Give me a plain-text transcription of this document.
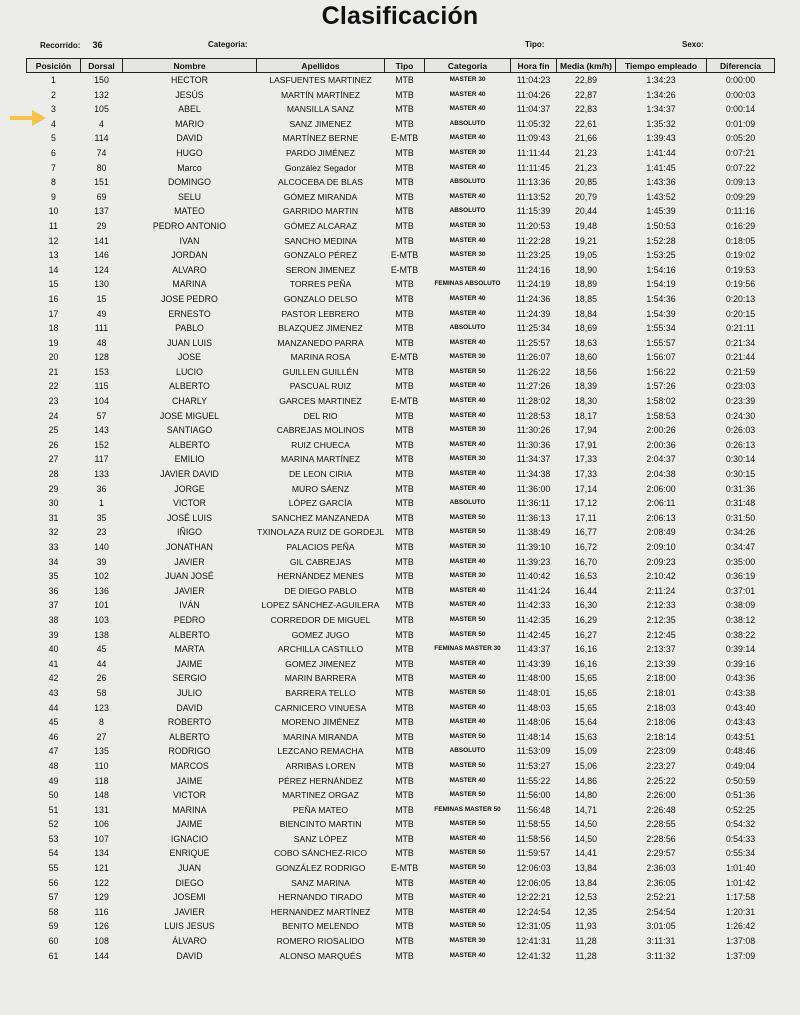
Clasificación
Recorrido: 36	Categoria:	Tipo:	Sexo:
Posición	Dorsal	Nombre	Apellidos	Tipo	Categoria	Hora fin	Media (km/h)	Tiempo empleado	Diferencia
1	150	HECTOR	LASFUENTES MARTINEZ	MTB	MASTER 30	11:04:23	22,89	1:34:23	0:00:00
2	132	JESÚS	MARTÍN MARTÍNEZ	MTB	MASTER 40	11:04:26	22,87	1:34:26	0:00:03
3	105	ABEL	MANSILLA SANZ	MTB	MASTER 40	11:04:37	22,83	1:34:37	0:00:14
4	4	MARIO	SANZ JIMENEZ	MTB	ABSOLUTO	11:05:32	22,61	1:35:32	0:01:09
5	114	DAVID	MARTÍNEZ BERNE	E-MTB	MASTER 40	11:09:43	21,66	1:39:43	0:05:20
6	74	HUGO	PARDO JIMÉNEZ	MTB	MASTER 30	11:11:44	21,23	1:41:44	0:07:21
7	80	Marco	González Segador	MTB	MASTER 40	11:11:45	21,23	1:41:45	0:07:22
8	151	DOMINGO	ALCOCEBA DE BLAS	MTB	ABSOLUTO	11:13:36	20,85	1:43:36	0:09:13
9	69	SELU	GÓMEZ MIRANDA	MTB	MASTER 40	11:13:52	20,79	1:43:52	0:09:29
10	137	MATEO	GARRIDO MARTIN	MTB	ABSOLUTO	11:15:39	20,44	1:45:39	0:11:16
11	29	PEDRO ANTONIO	GÓMEZ ALCARAZ	MTB	MASTER 30	11:20:53	19,48	1:50:53	0:16:29
12	141	IVAN	SANCHO MEDINA	MTB	MASTER 40	11:22:28	19,21	1:52:28	0:18:05
13	146	JORDAN	GONZALO PÉREZ	E-MTB	MASTER 30	11:23:25	19,05	1:53:25	0:19:02
14	124	ALVARO	SERON JIMENEZ	E-MTB	MASTER 40	11:24:16	18,90	1:54:16	0:19:53
15	130	MARINA	TORRES PEÑA	MTB	FEMINAS ABSOLUTO	11:24:19	18,89	1:54:19	0:19:56
16	15	JOSE PEDRO	GONZALO DELSO	MTB	MASTER 40	11:24:36	18,85	1:54:36	0:20:13
17	49	ERNESTO	PASTOR LEBRERO	MTB	MASTER 40	11:24:39	18,84	1:54:39	0:20:15
18	111	PABLO	BLAZQUEZ JIMENEZ	MTB	ABSOLUTO	11:25:34	18,69	1:55:34	0:21:11
19	48	JUAN LUIS	MANZANEDO PARRA	MTB	MASTER 40	11:25:57	18,63	1:55:57	0:21:34
20	128	JOSE	MARINA ROSA	E-MTB	MASTER 30	11:26:07	18,60	1:56:07	0:21:44
21	153	LUCIO	GUILLEN GUILLÉN	MTB	MASTER 50	11:26:22	18,56	1:56:22	0:21:59
22	115	ALBERTO	PASCUAL RUIZ	MTB	MASTER 40	11:27:26	18,39	1:57:26	0:23:03
23	104	CHARLY	GARCES MARTINEZ	E-MTB	MASTER 40	11:28:02	18,30	1:58:02	0:23:39
24	57	JOSE MIGUEL	DEL RIO	MTB	MASTER 40	11:28:53	18,17	1:58:53	0:24:30
25	143	SANTIAGO	CABREJAS MOLINOS	MTB	MASTER 30	11:30:26	17,94	2:00:26	0:26:03
26	152	ALBERTO	RUIZ CHUECA	MTB	MASTER 40	11:30:36	17,91	2:00:36	0:26:13
27	117	EMILIO	MARINA MARTÍNEZ	MTB	MASTER 30	11:34:37	17,33	2:04:37	0:30:14
28	133	JAVIER DAVID	DE LEON CIRIA	MTB	MASTER 40	11:34:38	17,33	2:04:38	0:30:15
29	36	JORGE	MURO SÁENZ	MTB	MASTER 40	11:36:00	17,14	2:06:00	0:31:36
30	1	VICTOR	LÓPEZ GARCÍA	MTB	ABSOLUTO	11:36:11	17,12	2:06:11	0:31:48
31	35	JOSÉ LUIS	SANCHEZ MANZANEDA	MTB	MASTER 50	11:36:13	17,11	2:06:13	0:31:50
32	23	IÑIGO	TXINOLAZA RUIZ DE GORDEJL	MTB	MASTER 50	11:38:49	16,77	2:08:49	0:34:26
33	140	JONATHAN	PALACIOS PEÑA	MTB	MASTER 30	11:39:10	16,72	2:09:10	0:34:47
34	39	JAVIER	GIL CABREJAS	MTB	MASTER 40	11:39:23	16,70	2:09:23	0:35:00
35	102	JUAN JOSÉ	HERNÁNDEZ MENES	MTB	MASTER 30	11:40:42	16,53	2:10:42	0:36:19
36	136	JAVIER	DE DIEGO PABLO	MTB	MASTER 40	11:41:24	16,44	2:11:24	0:37:01
37	101	IVÁN	LOPEZ SÁNCHEZ-AGUILERA	MTB	MASTER 40	11:42:33	16,30	2:12:33	0:38:09
38	103	PEDRO	CORREDOR DE MIGUEL	MTB	MASTER 50	11:42:35	16,29	2:12:35	0:38:12
39	138	ALBERTO	GOMEZ JUGO	MTB	MASTER 50	11:42:45	16,27	2:12:45	0:38:22
40	45	MARTA	ARCHILLA CASTILLO	MTB	FEMINAS MASTER 30	11:43:37	16,16	2:13:37	0:39:14
41	44	JAIME	GOMEZ JIMENEZ	MTB	MASTER 40	11:43:39	16,16	2:13:39	0:39:16
42	26	SERGIO	MARIN BARRERA	MTB	MASTER 40	11:48:00	15,65	2:18:00	0:43:36
43	58	JULIO	BARRERA TELLO	MTB	MASTER 50	11:48:01	15,65	2:18:01	0:43:38
44	123	DAVID	CARNICERO VINUESA	MTB	MASTER 40	11:48:03	15,65	2:18:03	0:43:40
45	8	ROBERTO	MORENO JIMÉNEZ	MTB	MASTER 40	11:48:06	15,64	2:18:06	0:43:43
46	27	ALBERTO	MARINA MIRANDA	MTB	MASTER 50	11:48:14	15,63	2:18:14	0:43:51
47	135	RODRIGO	LEZCANO REMACHA	MTB	ABSOLUTO	11:53:09	15,09	2:23:09	0:48:46
48	110	MARCOS	ARRIBAS LOREN	MTB	MASTER 50	11:53:27	15,06	2:23:27	0:49:04
49	118	JAIME	PÉREZ HERNÁNDEZ	MTB	MASTER 40	11:55:22	14,86	2:25:22	0:50:59
50	148	VICTOR	MARTINEZ ORGAZ	MTB	MASTER 50	11:56:00	14,80	2:26:00	0:51:36
51	131	MARINA	PEÑA MATEO	MTB	FEMINAS MASTER 50	11:56:48	14,71	2:26:48	0:52:25
52	106	JAIME	BIENCINTO MARTIN	MTB	MASTER 50	11:58:55	14,50	2:28:55	0:54:32
53	107	IGNACIO	SANZ LÓPEZ	MTB	MASTER 40	11:58:56	14,50	2:28:56	0:54:33
54	134	ENRIQUE	COBO SÁNCHEZ-RICO	MTB	MASTER 50	11:59:57	14,41	2:29:57	0:55:34
55	121	JUAN	GONZÁLEZ RODRIGO	E-MTB	MASTER 50	12:06:03	13,84	2:36:03	1:01:40
56	122	DIEGO	SANZ MARINA	MTB	MASTER 40	12:06:05	13,84	2:36:05	1:01:42
57	129	JOSEMI	HERNANDO TIRADO	MTB	MASTER 40	12:22:21	12,53	2:52:21	1:17:58
58	116	JAVIER	HERNANDEZ MARTÍNEZ	MTB	MASTER 40	12:24:54	12,35	2:54:54	1:20:31
59	126	LUIS JESUS	BENITO MELENDO	MTB	MASTER 50	12:31:05	11,93	3:01:05	1:26:42
60	108	ÁLVARO	ROMERO RIOSALIDO	MTB	MASTER 30	12:41:31	11,28	3:11:31	1:37:08
61	144	DAVID	ALONSO MARQUÉS	MTB	MASTER 40	12:41:32	11,28	3:11:32	1:37:09
